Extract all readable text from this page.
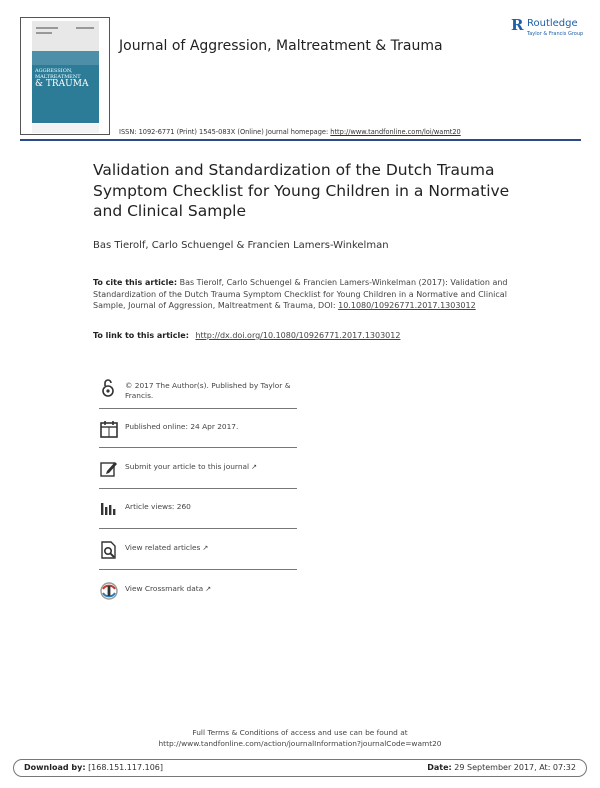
AGGRESSION,
MALTREATMENT

& TRAUMA
Journal of Aggression, Maltreatment & Trauma
R Routledge
Taylor & Francis Group
ISSN: 1092-6771 (Print) 1545-083X (Online) Journal homepage: http://www.tandfonline.com/loi/wamt20
Validation and Standardization of the Dutch Trauma Symptom Checklist for Young Children in a Normative and Clinical Sample
Bas Tierolf, Carlo Schuengel & Francien Lamers-Winkelman
To cite this article: Bas Tierolf, Carlo Schuengel & Francien Lamers-Winkelman (2017): Validation and Standardization of the Dutch Trauma Symptom Checklist for Young Children in a Normative and Clinical Sample, Journal of Aggression, Maltreatment & Trauma, DOI: 10.1080/10926771.2017.1303012
To link to this article: http://dx.doi.org/10.1080/10926771.2017.1303012
© 2017 The Author(s). Published by Taylor & Francis.
Published online: 24 Apr 2017.
Submit your article to this journal ↗
Article views: 260
View related articles ↗
View Crossmark data ↗
Full Terms & Conditions of access and use can be found at
http://www.tandfonline.com/action/journalInformation?journalCode=wamt20
Download by: [168.151.117.106]	Date: 29 September 2017, At: 07:32
